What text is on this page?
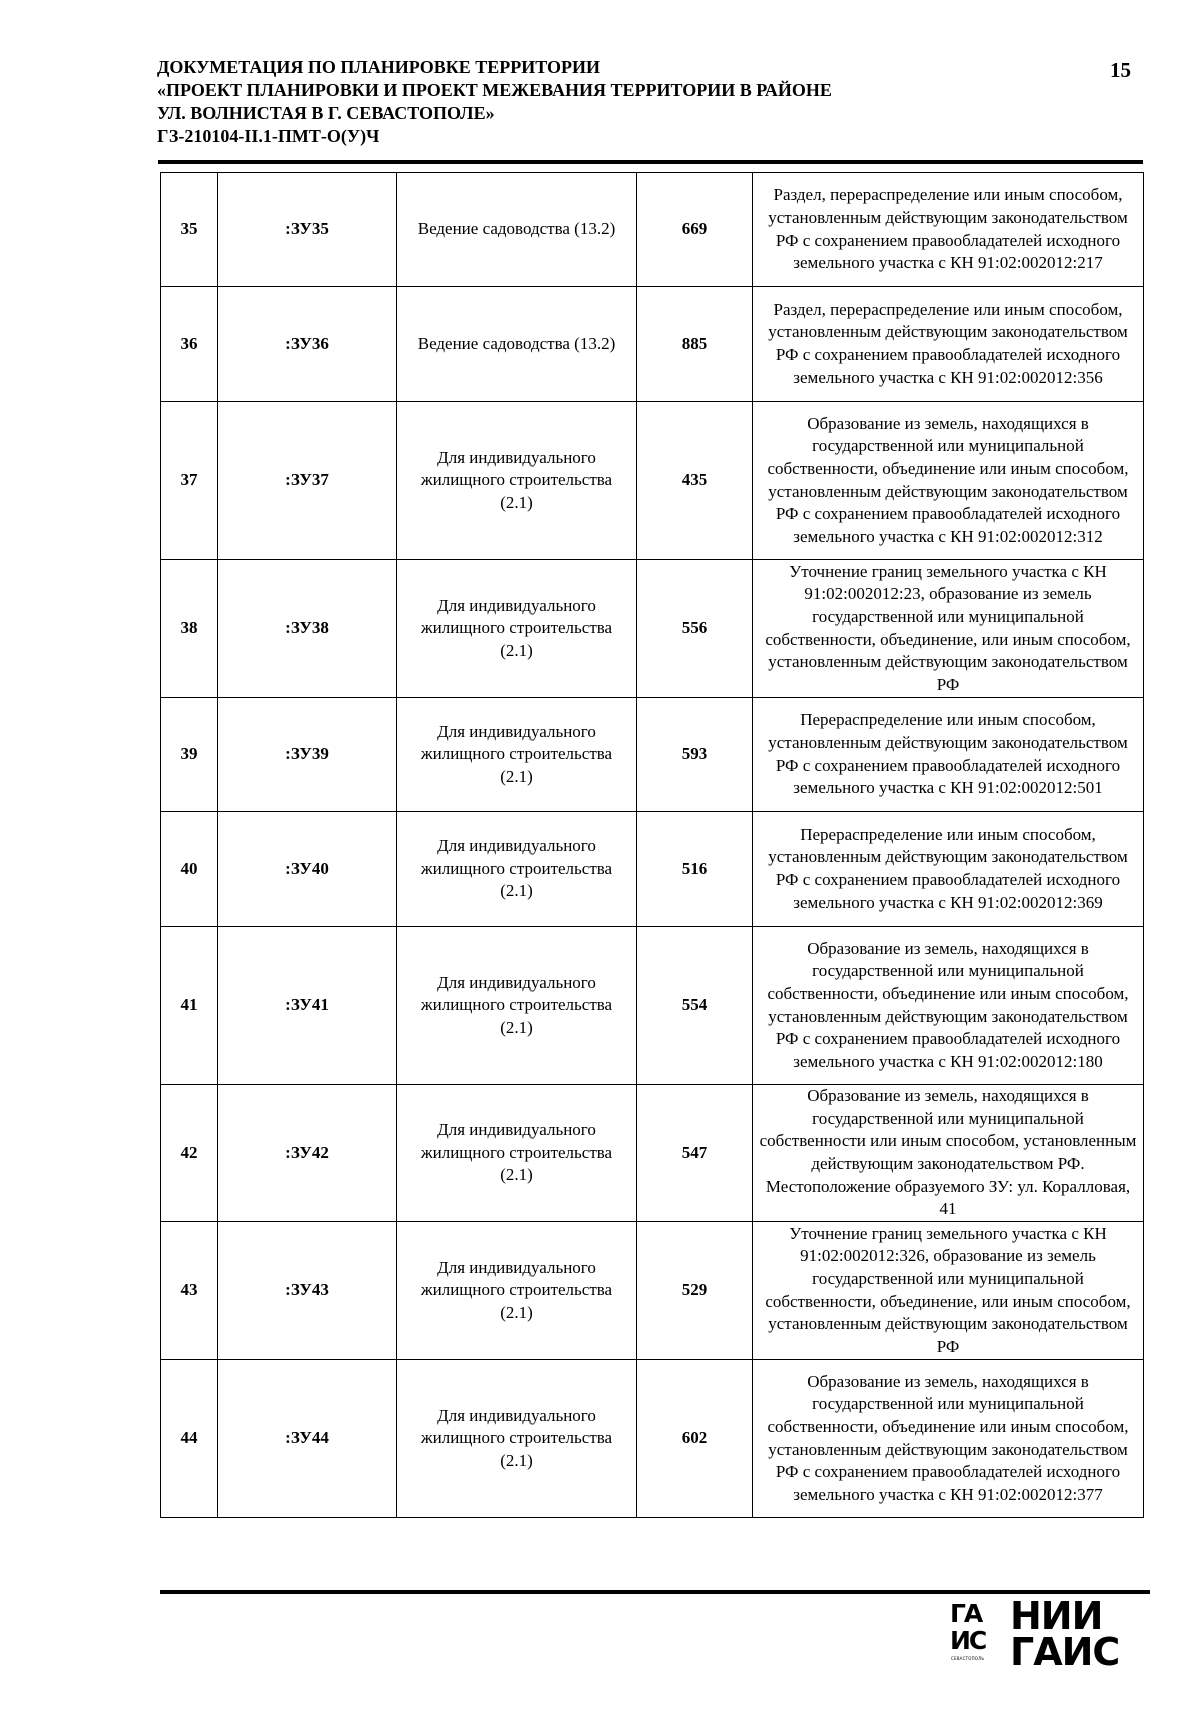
ДОКУМЕТАЦИЯ ПО ПЛАНИРОВКЕ ТЕРРИТОРИИ
«ПРОЕКТ ПЛАНИРОВКИ И ПРОЕКТ МЕЖЕВАНИЯ ТЕРРИТОРИИ В РАЙОНЕ
УЛ. ВОЛНИСТАЯ В Г. СЕВАСТОПОЛЕ»
ГЗ-210104-II.1-ПМТ-О(У)Ч
15
35	:ЗУ35	Ведение садоводства (13.2)	669	Раздел, перераспределение или иным способом, установленным действующим законодательством РФ с сохранением правообладателей исходного земельного участка с КН 91:02:002012:217
36	:ЗУ36	Ведение садоводства (13.2)	885	Раздел, перераспределение или иным способом, установленным действующим законодательством РФ с сохранением правообладателей исходного земельного участка с КН 91:02:002012:356
37	:ЗУ37	Для индивидуального жилищного строительства (2.1)	435	Образование из земель, находящихся в государственной или муниципальной собственности, объединение или иным способом, установленным действующим законодательством РФ с сохранением правообладателей исходного земельного участка с КН 91:02:002012:312
38	:ЗУ38	Для индивидуального жилищного строительства (2.1)	556	Уточнение границ земельного участка с КН 91:02:002012:23, образование из земель государственной или муниципальной собственности, объединение, или иным способом, установленным действующим законодательством РФ
39	:ЗУ39	Для индивидуального жилищного строительства (2.1)	593	Перераспределение или иным способом, установленным действующим законодательством РФ с сохранением правообладателей исходного земельного участка с КН 91:02:002012:501
40	:ЗУ40	Для индивидуального жилищного строительства (2.1)	516	Перераспределение или иным способом, установленным действующим законодательством РФ с сохранением правообладателей исходного земельного участка с КН 91:02:002012:369
41	:ЗУ41	Для индивидуального жилищного строительства (2.1)	554	Образование из земель, находящихся в государственной или муниципальной собственности, объединение или иным способом, установленным действующим законодательством РФ с сохранением правообладателей исходного земельного участка с КН 91:02:002012:180
42	:ЗУ42	Для индивидуального жилищного строительства (2.1)	547	Образование из земель, находящихся в государственной или муниципальной собственности или иным способом, установленным действующим законодательством РФ. Местоположение образуемого ЗУ: ул. Коралловая, 41
43	:ЗУ43	Для индивидуального жилищного строительства (2.1)	529	Уточнение границ земельного участка с КН 91:02:002012:326, образование из земель государственной или муниципальной собственности, объединение, или иным способом, установленным действующим законодательством РФ
44	:ЗУ44	Для индивидуального жилищного строительства (2.1)	602	Образование из земель, находящихся в государственной или муниципальной собственности, объединение или иным способом, установленным действующим законодательством РФ с сохранением правообладателей исходного земельного участка с КН 91:02:002012:377
ГА
ИС
СЕВАСТОПОЛЬ
НИИ
ГАИС
